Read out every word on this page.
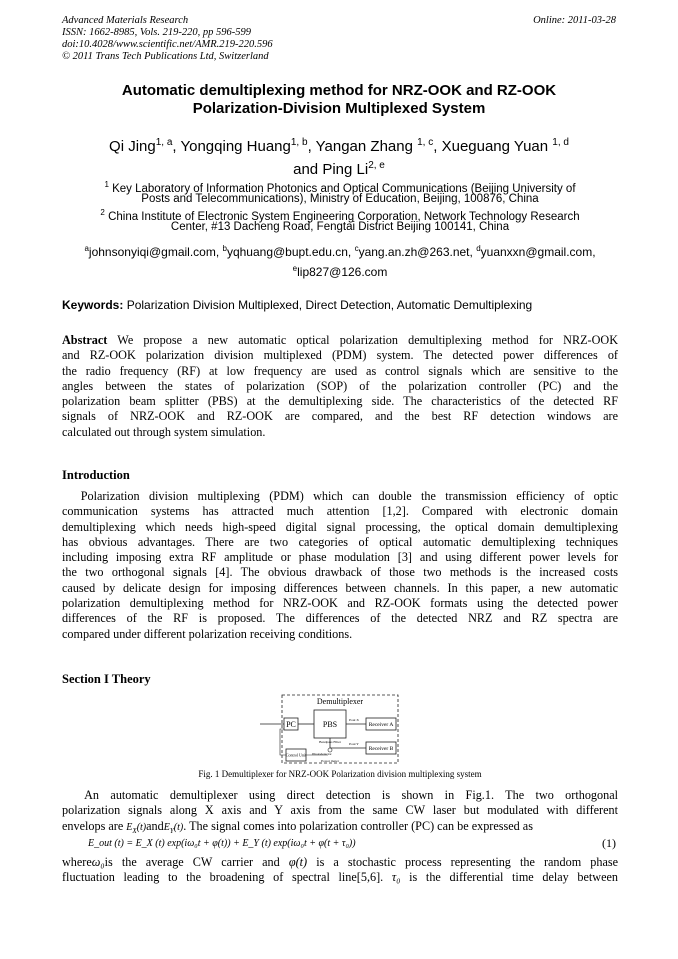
Advanced Materials Research	Online: 2011-03-28
ISSN: 1662-8985, Vols. 219-220, pp 596-599
doi:10.4028/www.scientific.net/AMR.219-220.596
© 2011 Trans Tech Publications Ltd, Switzerland
Automatic demultiplexing method for NRZ-OOK and RZ-OOK
Polarization-Division Multiplexed System
Qi Jing$^{1, a}$, Yongqing Huang$^{1, b}$, Yangan Zhang $^{1, c}$, Xueguang Yuan $^{1, d}$
and Ping Li$^{2, e}$
$^1$ Key Laboratory of Information Photonics and Optical Communications (Beijing University of
Posts and Telecommunications), Ministry of Education, Beijing, 100876, China
$^2$ China Institute of Electronic System Engineering Corporation, Network Technology Research
Center, #13 Dacheng Road, Fengtai District Beijing 100141, China
$^a$johnsonyiqi@gmail.com, $^b$yqhuang@bupt.edu.cn, $^c$yang.an.zh@263.net, $^d$yuanxxn@gmail.com,
$^e$lip827@126.com
Keywords: Polarization Division Multiplexed, Direct Detection, Automatic Demultiplexing
Abstract We propose a new automatic optical polarization demultiplexing method for NRZ-OOK
and RZ-OOK polarization division multiplexed (PDM) system. The detected power differences of
the radio frequency (RF) at low frequency are used as control signals which are sensitive to the
angles between the states of polarization (SOP) of the polarization controller (PC) and the
polarization beam splitter (PBS) at the demultiplexing side. The characteristics of the detected RF
signals of NRZ-OOK and RZ-OOK are compared, and the best RF detection windows are
calculated out through system simulation.
Introduction
Polarization division multiplexing (PDM) which can double the transmission efficiency of optic
communication systems has attracted much attention [1,2]. Compared with electronic domain
demultiplexing which needs high-speed digital signal processing, the optical domain demultiplexing
has obvious advantages. There are two categories of optical automatic demultiplexing techniques
including imposing extra RF amplitude or phase modulation [3] and using different power levels for
the two orthogonal signals [4]. The obvious drawback of those two methods is the increased costs
caused by delicate design for imposing differences between channels. In this paper, a new automatic
polarization demultiplexing method for NRZ-OOK and RZ-OOK formats using the detected power
differences of the RF is proposed. The differences of the detected NRZ and RZ spectra are
compared under different polarization receiving conditions.
Section I Theory
Demultiplexer
PC	PBS	Pout X
Receiver A
Pout Y
Receiver B
Bandpass Filter
Power meter
Photodetector
Control Unit
Fig. 1 Demultiplexer for NRZ-OOK Polarization division multiplexing system
An automatic demultiplexer using direct detection is shown in Fig.1. The two orthogonal
polarization signals along X axis and Y axis from the same CW laser but modulated with different
envelops are $E_X(t)andE_Y(t)$. The signal comes into polarization controller (PC) can be expressed as
E_out (t) = E_X (t) exp(iω₀t + φ(t)) + E_Y (t) exp(iω₀t + φ(t + τ₀))	(1)
whereω₀is the average CW carrier and φ(t) is a stochastic process representing the random phase
fluctuation leading to the broadening of spectral line[5,6]. τ₀ is the differential time delay between
